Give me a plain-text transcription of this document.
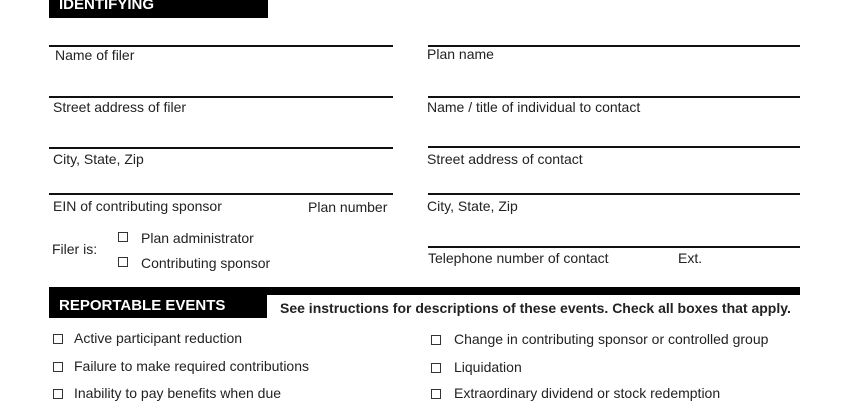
IDENTIFYING INFORMATION
Name of filer
Street address of filer
City, State, Zip
EIN of contributing sponsor	Plan number
Filer is:
Plan administrator
Contributing sponsor
Plan name
Name / title of individual to contact
Street address of contact
City, State, Zip
Telephone number of contact	Ext.
REPORTABLE EVENTS	See instructions for descriptions of these events. Check all boxes that apply.
Active participant reduction
Failure to make required contributions
Inability to pay benefits when due
Change in contributing sponsor or controlled group
Liquidation
Extraordinary dividend or stock redemption
